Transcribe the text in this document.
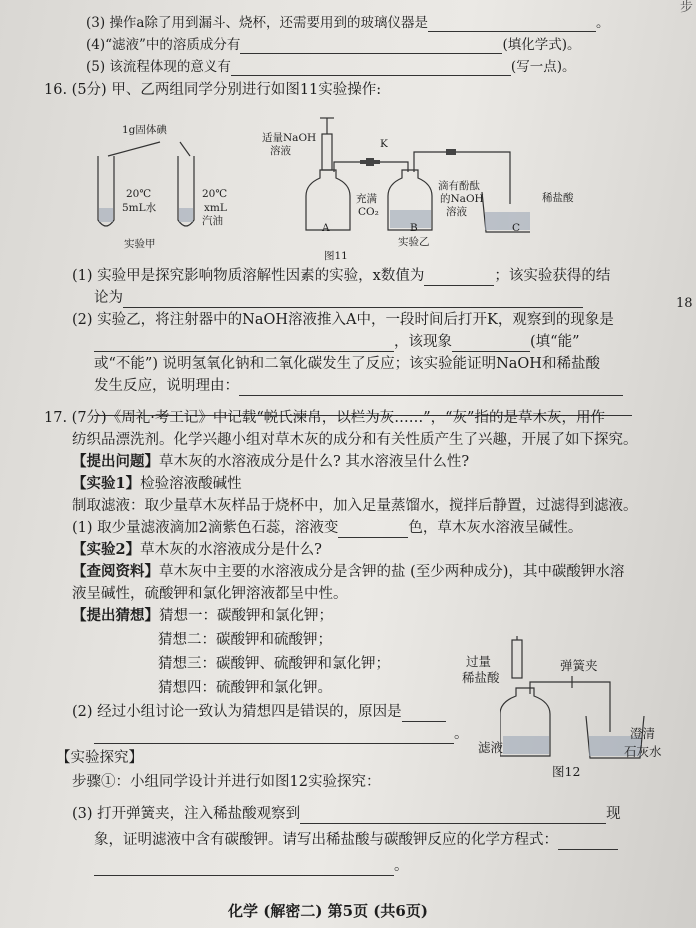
步
(3) 操作a除了用到漏斗、烧杯，还需要用到的玻璃仪器是	。
(4)“滤液”中的溶质成分有	(填化学式)。
(5) 该流程体现的意义有	(写一点)。
16. (5分) 甲、乙两组同学分别进行如图11实验操作:
1g固体碘
20℃
5mL水
20℃
xmL
汽油
实验甲
适量NaOH
溶液
K
充满
CO₂
A
滴有酚酞
的NaOH
溶液
B
实验乙
稀盐酸
C
图11
(1) 实验甲是探究影响物质溶解性因素的实验，x数值为	；该实验获得的结
论为
(2) 实验乙，将注射器中的NaOH溶液推入A中，一段时间后打开K，观察到的现象是
18
，该现象	(填“能”
或“不能”) 说明氢氧化钠和二氧化碳发生了反应；该实验能证明NaOH和稀盐酸
发生反应，说明理由：
17. (7分)《周礼·考工记》中记载“帨氏湅帛，以栏为灰……”，“灰”指的是草木灰，用作
纺织品漂洗剂。化学兴趣小组对草木灰的成分和有关性质产生了兴趣，开展了如下探究。
【提出问题】草木灰的水溶液成分是什么? 其水溶液呈什么性?
【实验1】检验溶液酸碱性
制取滤液：取少量草木灰样品于烧杯中，加入足量蒸馏水，搅拌后静置，过滤得到滤液。
(1) 取少量滤液滴加2滴紫色石蕊，溶液变	色，草木灰水溶液呈碱性。
【实验2】草木灰的水溶液成分是什么?
【查阅资料】草木灰中主要的水溶液成分是含钾的盐 (至少两种成分)，其中碳酸钾水溶
液呈碱性，硫酸钾和氯化钾溶液都呈中性。
【提出猜想】猜想一：碳酸钾和氯化钾；
猜想二：碳酸钾和硫酸钾；
猜想三：碳酸钾、硫酸钾和氯化钾；
猜想四：硫酸钾和氯化钾。
(2) 经过小组讨论一致认为猜想四是错误的，原因是
。
【实验探究】
步骤①：小组同学设计并进行如图12实验探究：
(3) 打开弹簧夹，注入稀盐酸观察到	现
象，证明滤液中含有碳酸钾。请写出稀盐酸与碳酸钾反应的化学方程式：
。
过量
稀盐酸
弹簧夹
滤液
澄清
石灰水
图12
化学 (解密二) 第5页 (共6页)
